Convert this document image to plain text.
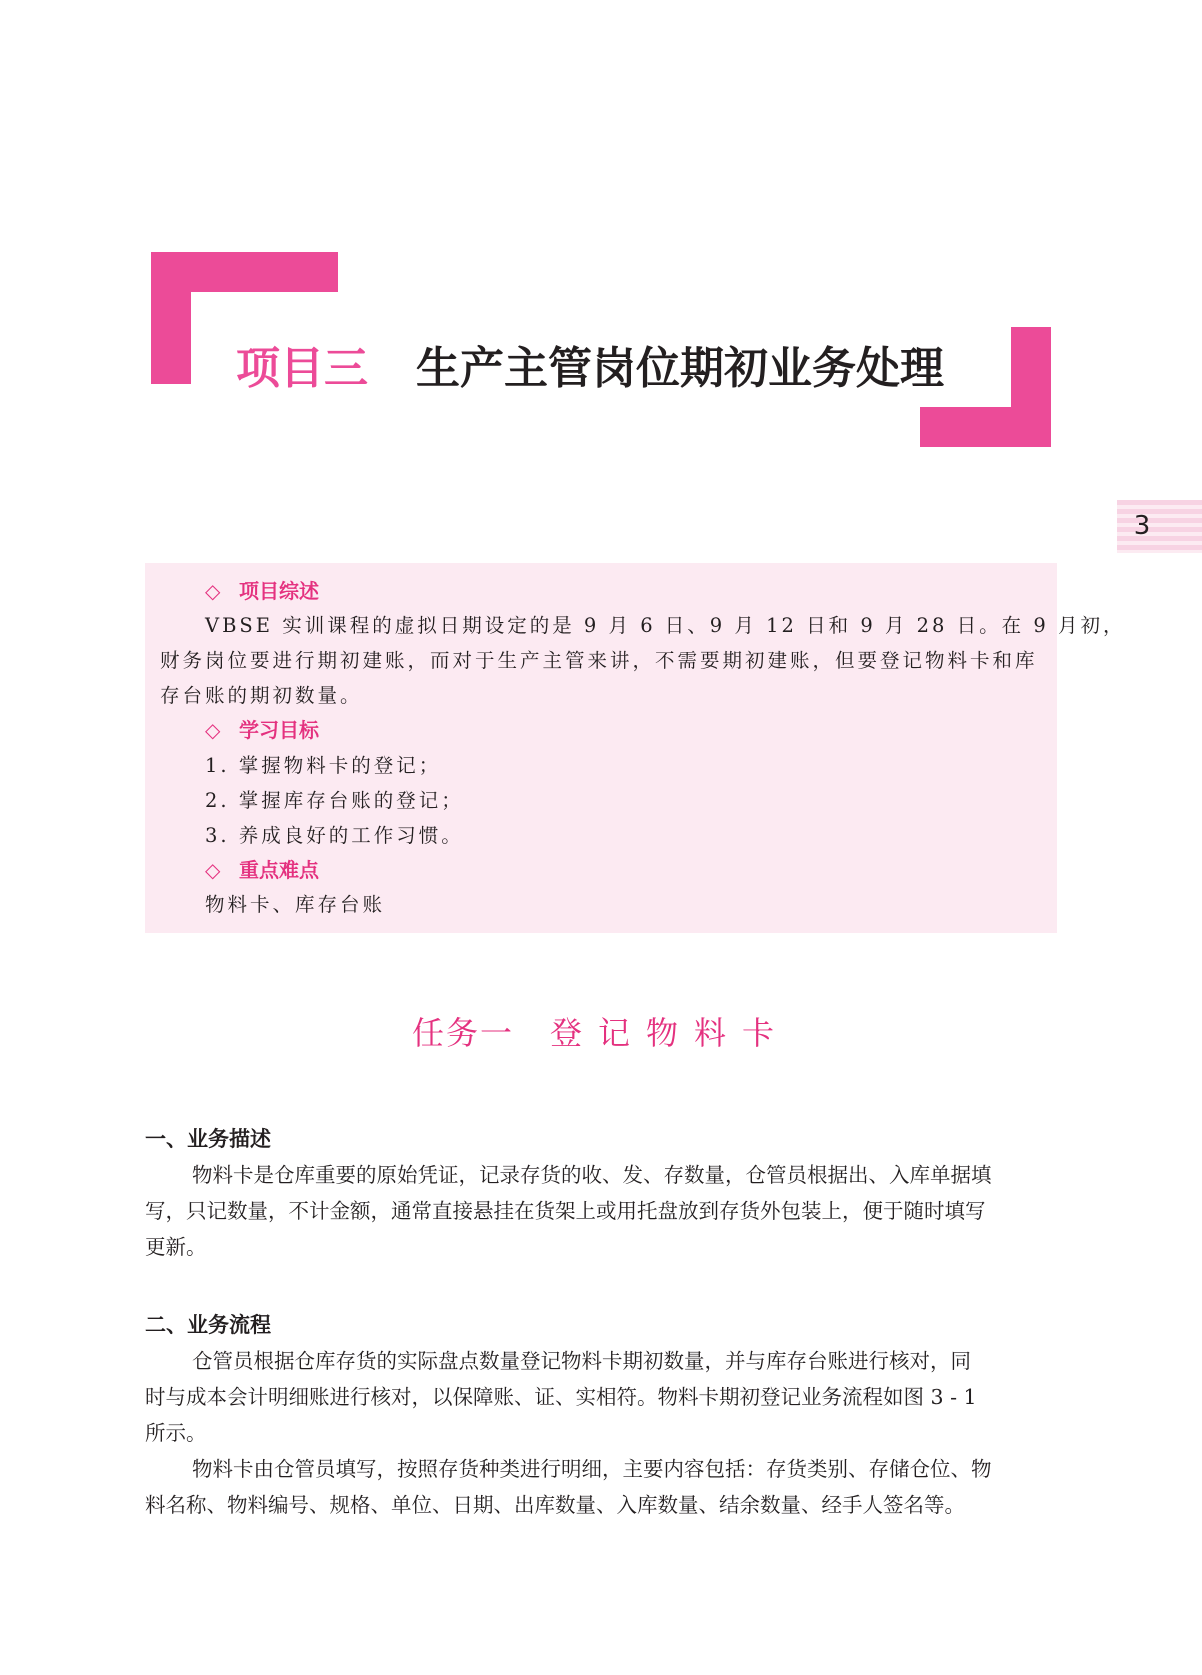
项目三 生产主管岗位期初业务处理
3
◇ 项目综述
VBSE 实训课程的虚拟日期设定的是 9 月 6 日、9 月 12 日和 9 月 28 日。在 9 月初，
财务岗位要进行期初建账，而对于生产主管来讲，不需要期初建账，但要登记物料卡和库
存台账的期初数量。
◇ 学习目标
1. 掌握物料卡的登记；
2. 掌握库存台账的登记；
3. 养成良好的工作习惯。
◇ 重点难点
物料卡、库存台账
任务一 登记物料卡
一、业务描述
物料卡是仓库重要的原始凭证，记录存货的收、发、存数量，仓管员根据出、入库单据填
写，只记数量，不计金额，通常直接悬挂在货架上或用托盘放到存货外包装上，便于随时填写
更新。
二、业务流程
仓管员根据仓库存货的实际盘点数量登记物料卡期初数量，并与库存台账进行核对，同
时与成本会计明细账进行核对，以保障账、证、实相符。物料卡期初登记业务流程如图 3 - 1
所示。
物料卡由仓管员填写，按照存货种类进行明细，主要内容包括：存货类别、存储仓位、物
料名称、物料编号、规格、单位、日期、出库数量、入库数量、结余数量、经手人签名等。
